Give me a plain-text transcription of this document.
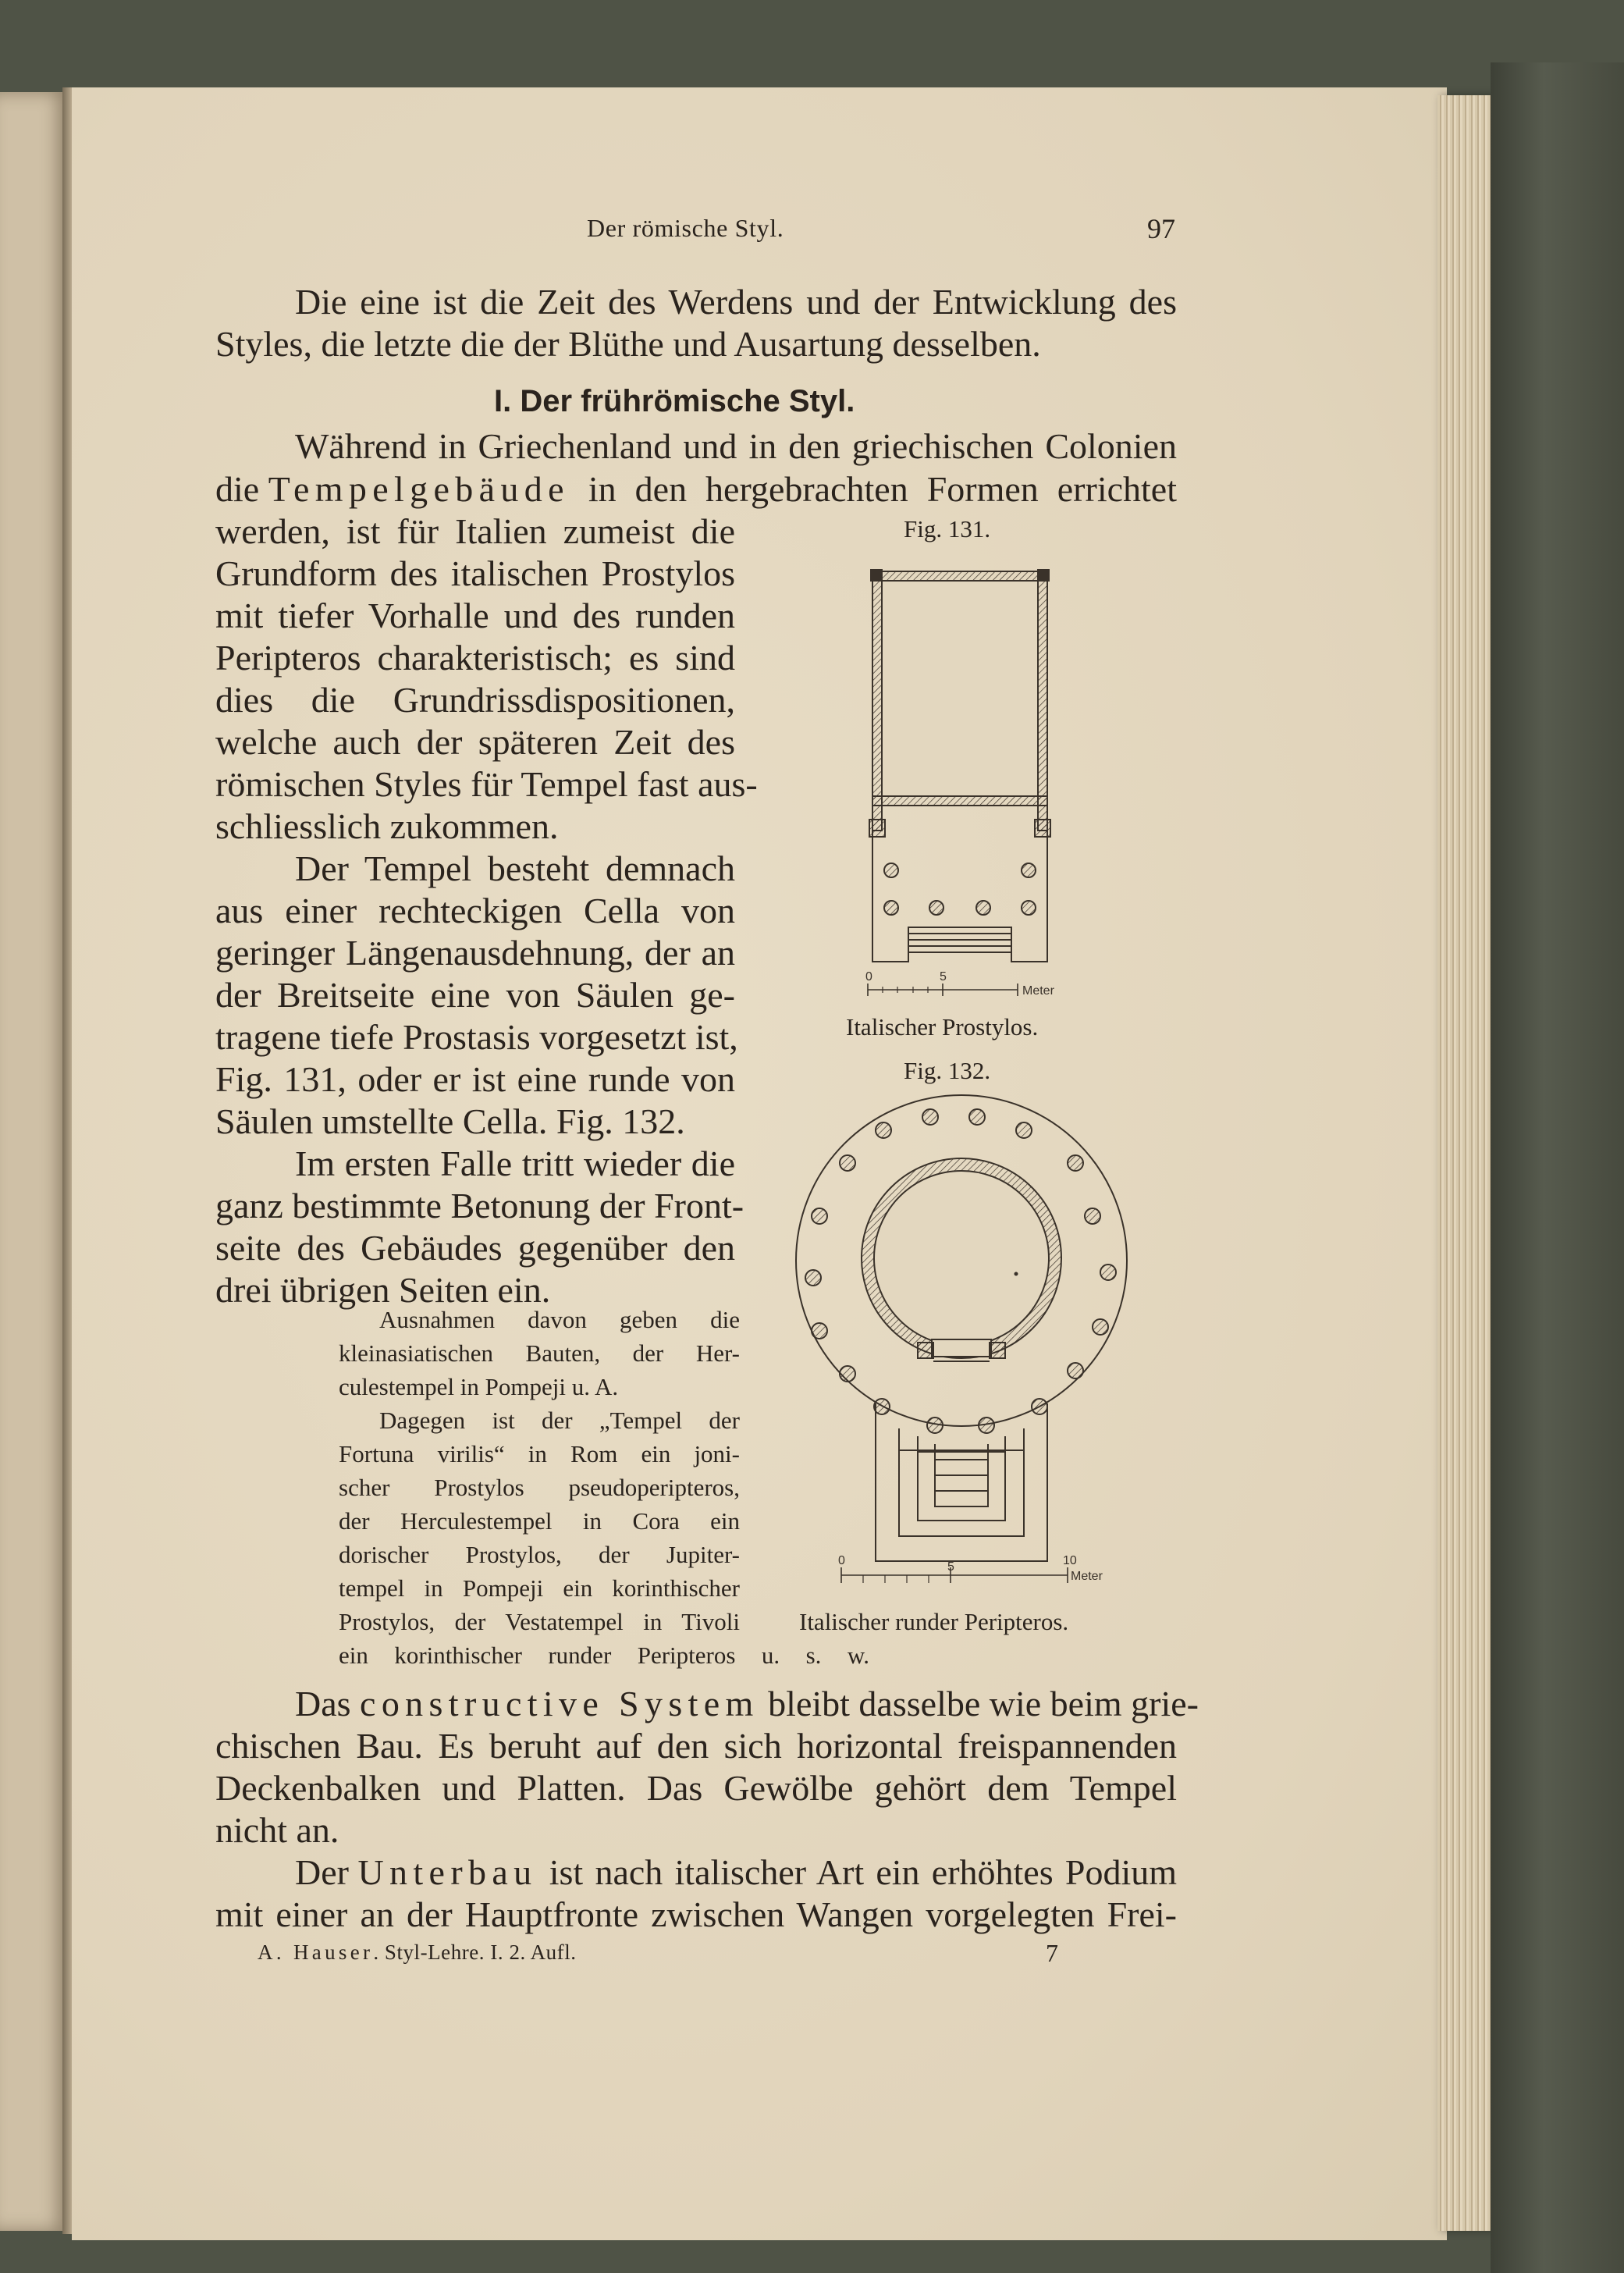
Der römische Styl.	97

Die eine ist die Zeit des Werdens und der Entwicklung des

Styles, die letzte die der Blüthe und Ausartung desselben.

I. Der frührömische Styl.

Während in Griechenland und in den griechischen Colonien

die Tempelgebäude in den hergebrachten Formen errichtet

werden, ist für Italien zumeist die

Grundform des italischen Prostylos

mit tiefer Vorhalle und des runden

Peripteros charakteristisch; es sind

dies die Grundrissdispositionen,

welche auch der späteren Zeit des

römischen Styles für Tempel fast aus-

schliesslich zukommen.

Der Tempel besteht demnach

aus einer rechteckigen Cella von

geringer Längenausdehnung, der an

der Breitseite eine von Säulen ge-

tragene tiefe Prostasis vorgesetzt ist,

Fig. 131, oder er ist eine runde von

Säulen umstellte Cella. Fig. 132.

Im ersten Falle tritt wieder die

ganz bestimmte Betonung der Front-

seite des Gebäudes gegenüber den

drei übrigen Seiten ein.

Ausnahmen davon geben die

kleinasiatischen Bauten, der Her-

culestempel in Pompeji u. A.

Dagegen ist der „Tempel der

Fortuna virilis“ in Rom ein joni-

scher Prostylos pseudoperipteros,

der Herculestempel in Cora ein

dorischer Prostylos, der Jupiter-

tempel in Pompeji ein korinthischer

Prostylos, der Vestatempel in Tivoli

ein korinthischer runder Peripteros u. s. w.

Das constructive System bleibt dasselbe wie beim grie-

chischen Bau. Es beruht auf den sich horizontal freispannenden

Deckenbalken und Platten. Das Gewölbe gehört dem Tempel

nicht an.

Der Unterbau ist nach italischer Art ein erhöhtes Podium

mit einer an der Hauptfronte zwischen Wangen vorgelegten Frei-

A. Hauser. Styl-Lehre. I. 2. Aufl.	7

Fig. 131.

0	5
Meter

Italischer Prostylos.

Fig. 132.

0	5	10
Meter

Italischer runder Peripteros.
